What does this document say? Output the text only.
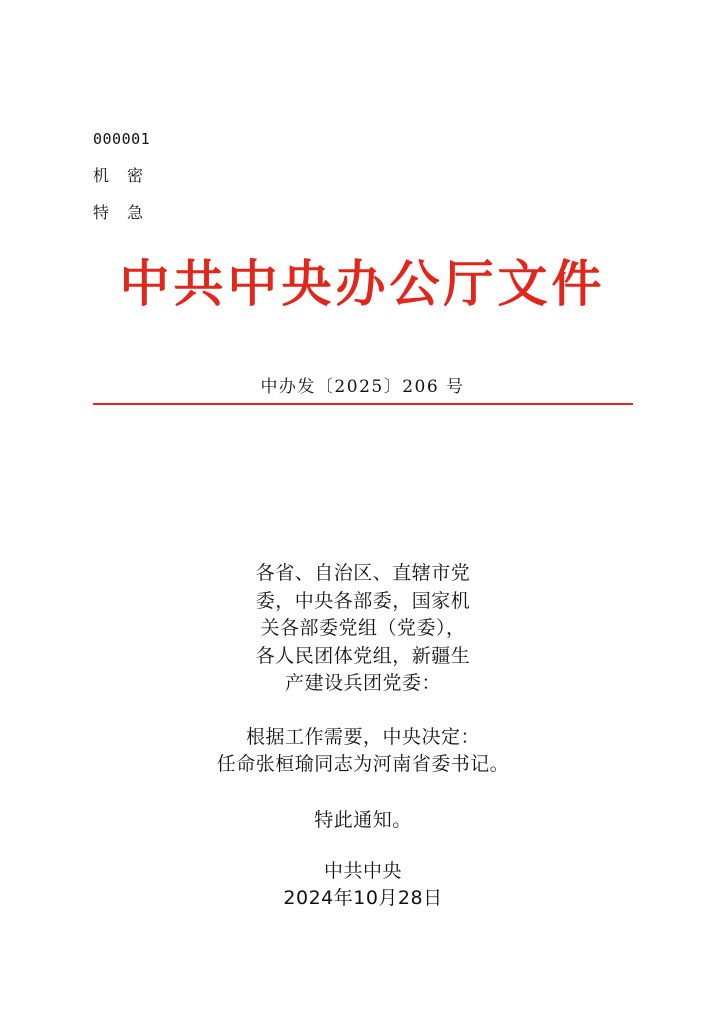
000001
机　密
特　急
中共中央办公厅文件
中办发〔2025〕206 号
各省、自治区、直辖市党
委，中央各部委，国家机
关各部委党组（党委），
各人民团体党组，新疆生
产建设兵团党委：
根据工作需要，中央决定：
任命张桓瑜同志为河南省委书记。
特此通知。
中共中央
2024年10月28日
